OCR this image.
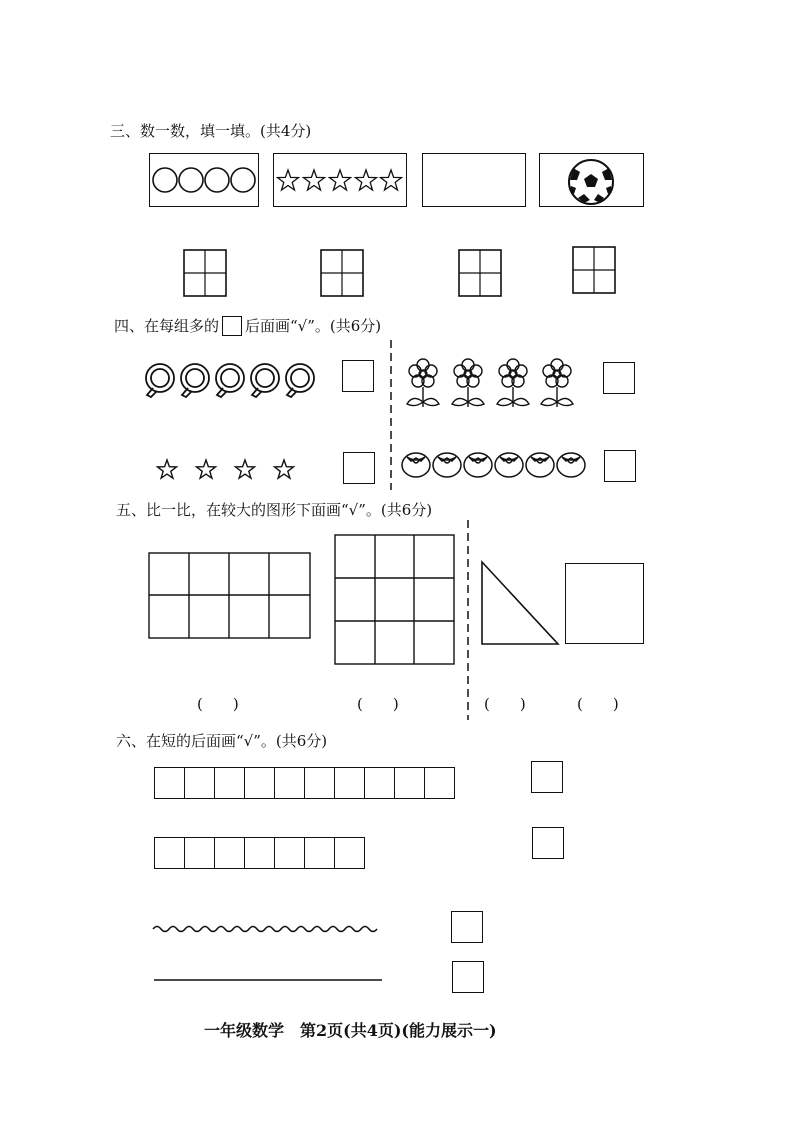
三、数一数，填一填。(共4分)
四、在每组多的 后面画“√”。(共6分)
五、比一比，在较大的图形下面画“√”。(共6分)
(　　)	(　　)	(　　)	(　　)
六、在短的后面画“√”。(共6分)
一年级数学　第2页(共4页)(能力展示一)
